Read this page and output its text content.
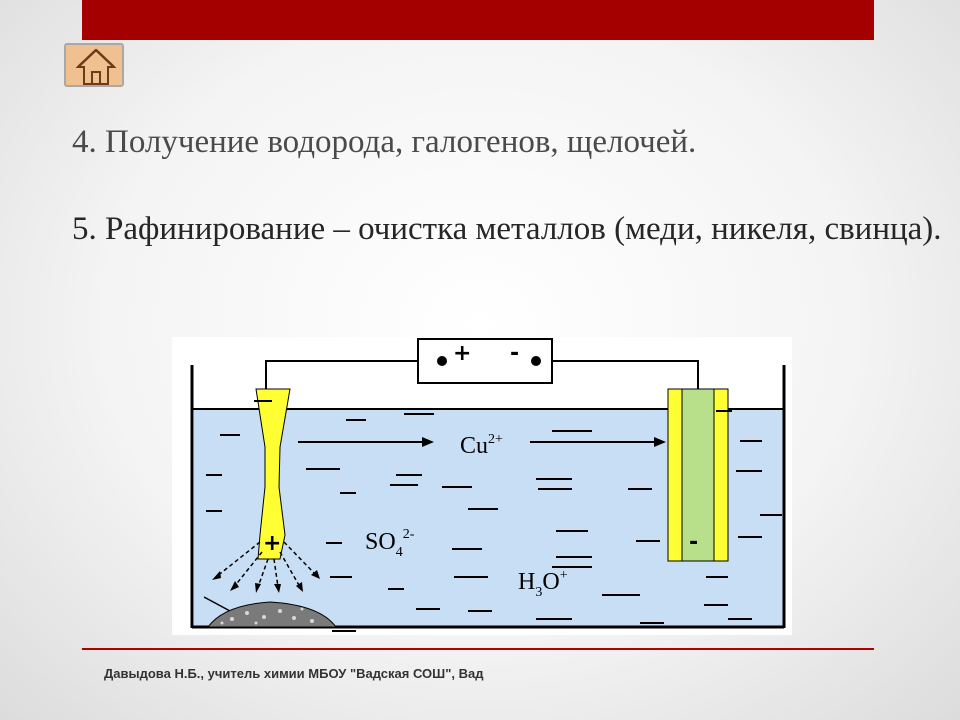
4. Получение водорода, галогенов, щелочей.

5. Рафинирование – очистка металлов (меди, никеля, свинца).

+ -
+	-
$Cu^{2+}$
$SO_4^{2-}$
$H_3O^+$
Давыдова Н.Б., учитель химии МБОУ "Вадская СОШ", Вад
